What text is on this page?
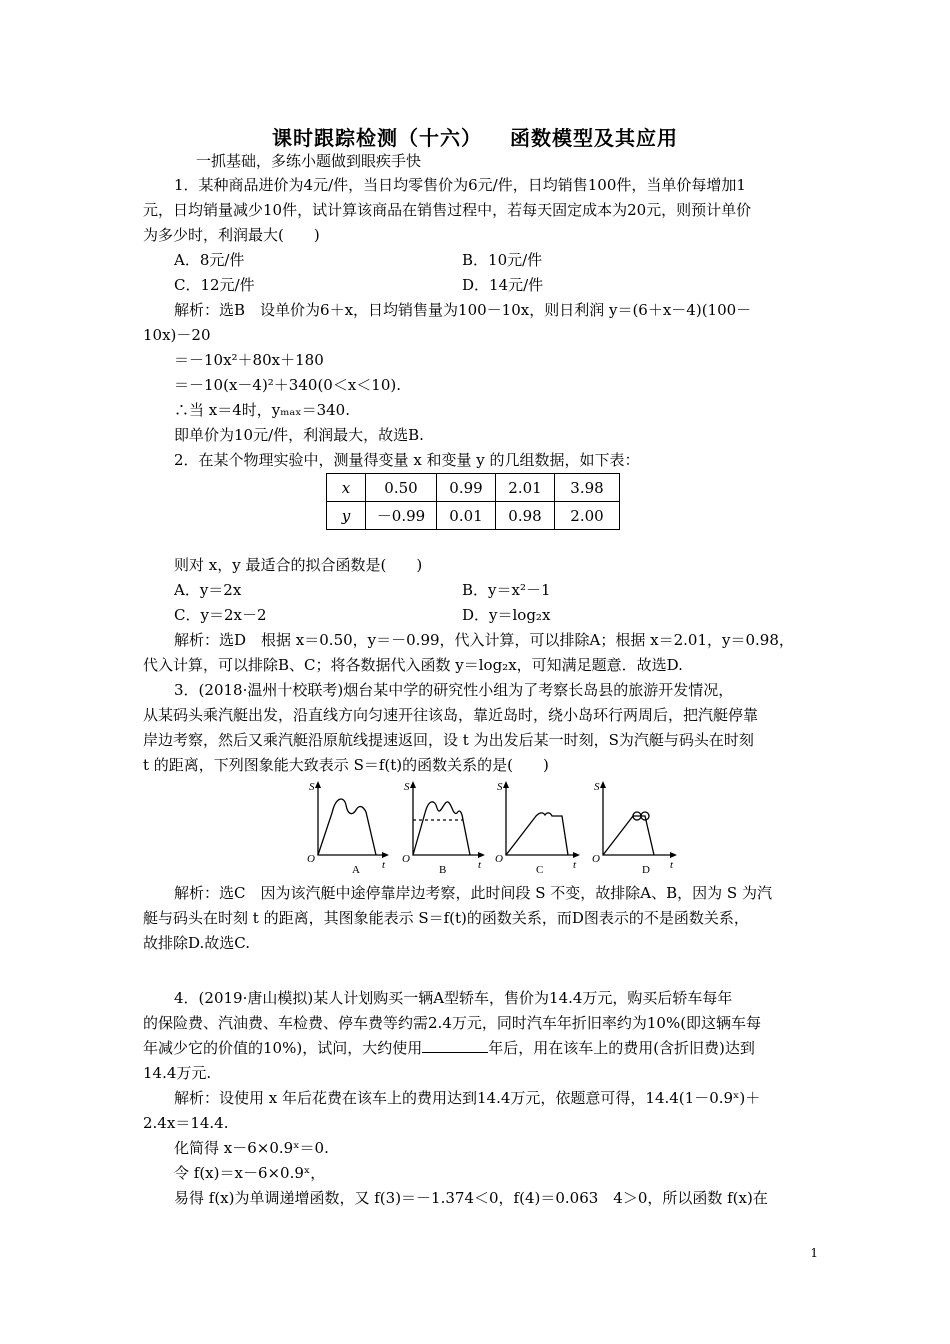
课时跟踪检测（十六） 函数模型及其应用
一抓基础，多练小题做到眼疾手快
1．某种商品进价为4元/件，当日均零售价为6元/件，日均销售100件，当单价每增加1
元，日均销量减少10件，试计算该商品在销售过程中，若每天固定成本为20元，则预计单价
为多少时，利润最大(　　)
A．8元/件	B．10元/件
C．12元/件	D．14元/件
解析：选B　设单价为6＋x，日均销售量为100－10x，则日利润 y＝(6＋x－4)(100－
10x)－20
＝－10x²＋80x＋180
＝－10(x－4)²＋340(0＜x＜10).
∴当 x＝4时，yₘₐₓ＝340.
即单价为10元/件，利润最大，故选B.
2．在某个物理实验中，测量得变量 x 和变量 y 的几组数据，如下表：
x	0.50	0.99	2.01	3.98
y	－0.99	0.01	0.98	2.00
则对 x，y 最适合的拟合函数是(　　)
A．y＝2x	B．y＝x²－1
C．y＝2x－2	D．y＝log₂x
解析：选D　根据 x＝0.50，y＝－0.99，代入计算，可以排除A；根据 x＝2.01，y＝0.98，
代入计算，可以排除B、C；将各数据代入函数 y＝log₂x，可知满足题意．故选D.
3．(2018·温州十校联考)烟台某中学的研究性小组为了考察长岛县的旅游开发情况，
从某码头乘汽艇出发，沿直线方向匀速开往该岛，靠近岛时，绕小岛环行两周后，把汽艇停靠
岸边考察，然后又乘汽艇沿原航线提速返回，设 t 为出发后某一时刻，S为汽艇与码头在时刻
t 的距离，下列图象能大致表示 S＝f(t)的函数关系的是(　　)
S
O	t
S
O	t
S
O	t
S
O	t
A	B	C	D
解析：选C　因为该汽艇中途停靠岸边考察，此时间段 S 不变，故排除A、B，因为 S 为汽
艇与码头在时刻 t 的距离，其图象能表示 S＝f(t)的函数关系，而D图表示的不是函数关系，
故排除D.故选C.
4．(2019·唐山模拟)某人计划购买一辆A型轿车，售价为14.4万元，购买后轿车每年
的保险费、汽油费、车检费、停车费等约需2.4万元，同时汽车年折旧率约为10%(即这辆车每
年减少它的价值的10%)，试问，大约使用	年后，用在该车上的费用(含折旧费)达到
14.4万元.
解析：设使用 x 年后花费在该车上的费用达到14.4万元，依题意可得，14.4(1－0.9ˣ)＋
2.4x＝14.4.
化简得 x－6×0.9ˣ＝0.
令 f(x)＝x－6×0.9ˣ，
易得 f(x)为单调递增函数，又 f(3)＝－1.374＜0，f(4)＝0.063　4＞0，所以函数 f(x)在
1
